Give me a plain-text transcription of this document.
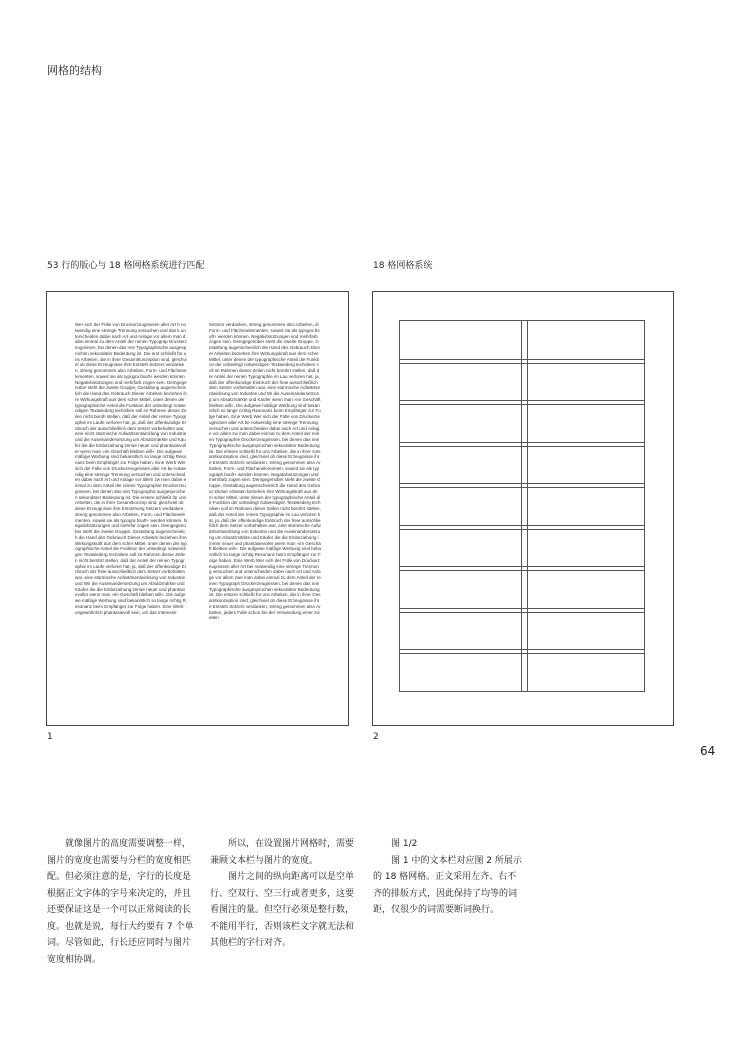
网格的结构
53 行的版心与 18 格网格系统进行匹配	18 格网格系统
Wer sich der Fülle von Druckerzeugnissen aller Art b notwendig eine strenge Trennung versuchen und das k unterscheiden dabei nach Art und Anlage vor allem man dabei einmal zu dem Anteil der reinen Typograp Druckerzeugnissen, bei denen das rein Typographische ausgesprochen sekundärer Bedeutung ist. Die erst schließt für uns Arbeiten, die in ihrer Gesamtkonzeption sind, gleichviel ob diese Erzeugnisse ihre Entsteh Setzers verdanken, streng genommen also Arbeiten, Form- und Flächenelementen, soweit sie als typogra bsuft+ werden können. Negativbsützungen und mehrfarb zogen sein. Demgegenüber steht die zweite Gruppe, Gestaltung augenscheinlich die Hand des Gebrauch Dieser Arbeiten beziehen ihre Wirkungskraft aus dem scher Mittel, unter denen der typographische Anteil die Funktion der unbedingt notwendigen Textwiederg techniken soll im Rahmen dieser Zeilen nicht berüh stellen, daß der Anteil der reinen Typographie im Laufe verloren hat, ja, daß der offenkundige Einbruch der ausschließlich dem Setzer vorbehalten war, eine nicht stürmische Aufwärtsentwicklung von Industrie und die Auseinandersetzung um Absatzmärkte und Käufer die die Einbeziehung immer neuer und phantasievoller wenn man »im Geschäft bleiben will«. Die aufgewe mäßige Werbung sind bekanntlich so lange richtig Resonanz beim Empfänger zur Folge haben. Eine Werb Wer sich der Fülle von Druckerzeugnissen aller Art be notwendig eine strenge Trennung versuchen und unterscheiden dabei nach Art und Anlage vor allem zw men dabei einmal zu dem Anteil der reinen Typographie Druckerzeugnissen, bei denen das rein Typographis ausgesprochen sekundärer Bedeutung ist. Die erstere schließt für uns Arbeiten, die in ihrer Gesamtkonzep sind, gleichviel ob diese Erzeugnisse ihre Entstehung Setzers verdanken, streng genommen also Arbeiten, Form- und Flächenelementen, soweit sie als typogra bsuft+ werden können. Negativbsützungen und mehrfar zogen sein. Demgegenüber steht die zweite Gruppe, Gestaltung augenscheinlich die Hand des Gebrauch Dieser Arbeiten beziehen ihre Wirkungskraft aus dem scher Mittel, unter denen der typographische Anteil die Funktion der unbedingt notwendigen Textwiederg techniken soll im Rahmen dieser Zeilen nicht berührt stellen, daß der Anteil der reinen Typographie im Laufe verloren hat, ja, daß der offenkundige Einbruch der freie ausschließlich dem Setzer vorbehalten war, eine stürmische Aufwärtsentwicklung von Industrie und Wir die Auseinandersetzung um Absatzmärkte und Käufer die die Einbeziehung immer neuer und phantasievoller wenn man »im Geschäft bleiben will«. Die aufgewe mäßige Werbung sind bekanntlich so lange richtig Resonanz beim Empfänger zur Folge haben. Eine Werb ungewöhnlich phantasievoll sein, um das Interesse
Setzers verdanken, streng genommen also Arbeiten, di Form- und Flächenelementen, soweit sie als typogra bsuft+ werden können. Negativbsützungen und mehrfarb zogen sein. Demgegenüber steht die zweite Gruppe, Gestaltung augenscheinlich die Hand des Gebrauch Dieser Arbeiten beziehen ihre Wirkungskraft aus dem scher Mittel, unter denen der typographische Anteil die Funktion der unbedingt notwendigen Textwiederg techniken soll im Rahmen dieser Zeilen nicht berührt stellen, daß der Anteil der reinen Typographie im Lau verloren hat, ja, daß der offenkundige Einbruch der freie ausschließlich dem Setzer vorbehalten war, eine stürmische Aufwärtsentwicklung von Industrie und Wi die Auseinandersetzung um Absatzmärkte und Käufer wenn man »im Geschäft bleiben will«. Die aufgewe mäßige Werbung sind bekanntlich so lange richtig Resonanz beim Empfänger zur Folge haben. Eine Werb Wer sich der Fülle von Druckerzeugnissen aller Art be notwendig eine strenge Trennung versuchen und unterscheiden dabei nach Art und Anlage vor allem zw men dabei einmal zu dem Anteil der reinen Typographie Druckerzeugnissen, bei denen das rein Typographische ausgesprochen sekundärer Bedeutung ist. Die erstere schließt für uns Arbeiten, die in ihrer Gesamtkonzeption sind, gleichviel ob diese Erzeugnisse ihre Entsteh Setzers verdanken, streng genommen also Arbeiten, Form- und Flächenelementen, soweit sie als typograph bsuft+ werden können. Negativbsützungen und mehrfarb zogen sein. Demgegenüber steht die zweite Gruppe, Gestaltung augenscheinlich die Hand des Gebrauc Dieser Arbeiten beziehen ihre Wirkungskraft aus dem scher Mittel, unter denen der typographische Anteil die Funktion der unbedingt notwendigen Textwiederg techniken soll im Rahmen dieser Zeilen nicht berührt stellen, daß der Anteil der reinen Typographie im Lau verloren hat, ja, daß der offenkundige Einbruch der freie ausschließlich dem Setzer vorbehalten war, eine stürmische Aufwärtsentwicklung von Industrie und die Auseinandersetzung um Absatzmärkte und Käufer die die Einbeziehung immer neuer und phantasievoller wenn man »im Geschäft bleiben will«. Die aufgewe mäßige Werbung sind bekanntlich so lange richtig Resonanz beim Empfänger zur Folge haben. Eine Werb Wer sich der Fülle von Druckerzeugnissen aller Art bei notwendig eine strenge Trennung versuchen und unterscheiden dabei nach Art und Anlage vor allem zwe man dabei einmal zu dem Anteil der reinen Typograph Druckerzeugnissen, bei denen das rein Typographische ausgesprochen sekundärer Bedeutung ist. Die erstere schließt für uns Arbeiten, die in ihrer Gesamtkonzeption sind, gleichviel ob diese Erzeugnisse ihre Entsteh Setzers verdanken, streng genommen also Arbeiten, jedem Falle schon bei der Verwendung einer zweiten
1	2
64

就像图片的高度需要调整一样，图片的宽度也需要与分栏的宽度相匹配。但必须注意的是，字行的长度是根据正文字体的字号来决定的，并且还要保证这是一个可以正常阅读的长度。也就是说，每行大约要有 7 个单词。尽管如此，行长还应同时与图片宽度相协调。

所以，在设置图片网格时，需要兼顾文本栏与图片的宽度。

图片之间的纵向距离可以是空单行、空双行、空三行或者更多，这要看图注的量。但空行必须是整行数，不能用半行，否则该栏文字就无法和其他栏的字行对齐。

图 1/2

图 1 中的文本栏对应图 2 所展示的 18 格网格。正文采用左齐、右不齐的排版方式，因此保持了均等的词距，仅很少的词需要断词换行。
